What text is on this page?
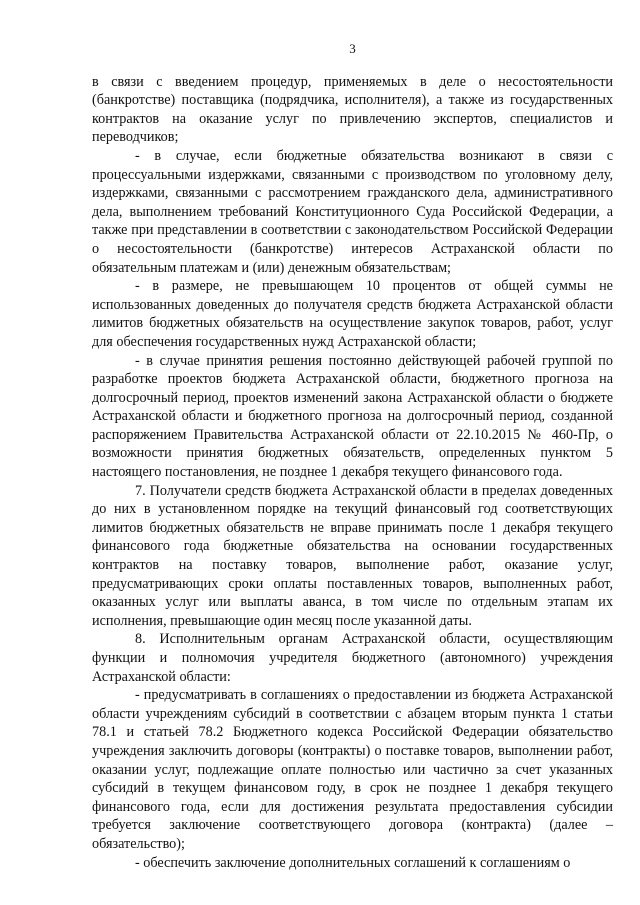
3

в связи с введением процедур, применяемых в деле о несостоятельности (банкротстве) поставщика (подрядчика, исполнителя), а также из государственных контрактов на оказание услуг по привлечению экспертов, специалистов и переводчиков;

- в случае, если бюджетные обязательства возникают в связи с процессуальными издержками, связанными с производством по уголовному делу, издержками, связанными с рассмотрением гражданского дела, административного дела, выполнением требований Конституционного Суда Российской Федерации, а также при представлении в соответствии с законодательством Российской Федерации о несостоятельности (банкротстве) интересов Астраханской области по обязательным платежам и (или) денежным обязательствам;

- в размере, не превышающем 10 процентов от общей суммы не использованных доведенных до получателя средств бюджета Астраханской области лимитов бюджетных обязательств на осуществление закупок товаров, работ, услуг для обеспечения государственных нужд Астраханской области;

- в случае принятия решения постоянно действующей рабочей группой по разработке проектов бюджета Астраханской области, бюджетного прогноза на долгосрочный период, проектов изменений закона Астраханской области о бюджете Астраханской области и бюджетного прогноза на долгосрочный период, созданной распоряжением Правительства Астраханской области от 22.10.2015 № 460-Пр, о возможности принятия бюджетных обязательств, определенных пунктом 5 настоящего постановления, не позднее 1 декабря текущего финансового года.

7. Получатели средств бюджета Астраханской области в пределах доведенных до них в установленном порядке на текущий финансовый год соответствующих лимитов бюджетных обязательств не вправе принимать после 1 декабря текущего финансового года бюджетные обязательства на основании государственных контрактов на поставку товаров, выполнение работ, оказание услуг, предусматривающих сроки оплаты поставленных товаров, выполненных работ, оказанных услуг или выплаты аванса, в том числе по отдельным этапам их исполнения, превышающие один месяц после указанной даты.

8. Исполнительным органам Астраханской области, осуществляющим функции и полномочия учредителя бюджетного (автономного) учреждения Астраханской области:

- предусматривать в соглашениях о предоставлении из бюджета Астраханской области учреждениям субсидий в соответствии с абзацем вторым пункта 1 статьи 78.1 и статьей 78.2 Бюджетного кодекса Российской Федерации обязательство учреждения заключить договоры (контракты) о поставке товаров, выполнении работ, оказании услуг, подлежащие оплате полностью или частично за счет указанных субсидий в текущем финансовом году, в срок не позднее 1 декабря текущего финансового года, если для достижения результата предоставления субсидии требуется заключение соответствующего договора (контракта) (далее – обязательство);

- обеспечить заключение дополнительных соглашений к соглашениям о
